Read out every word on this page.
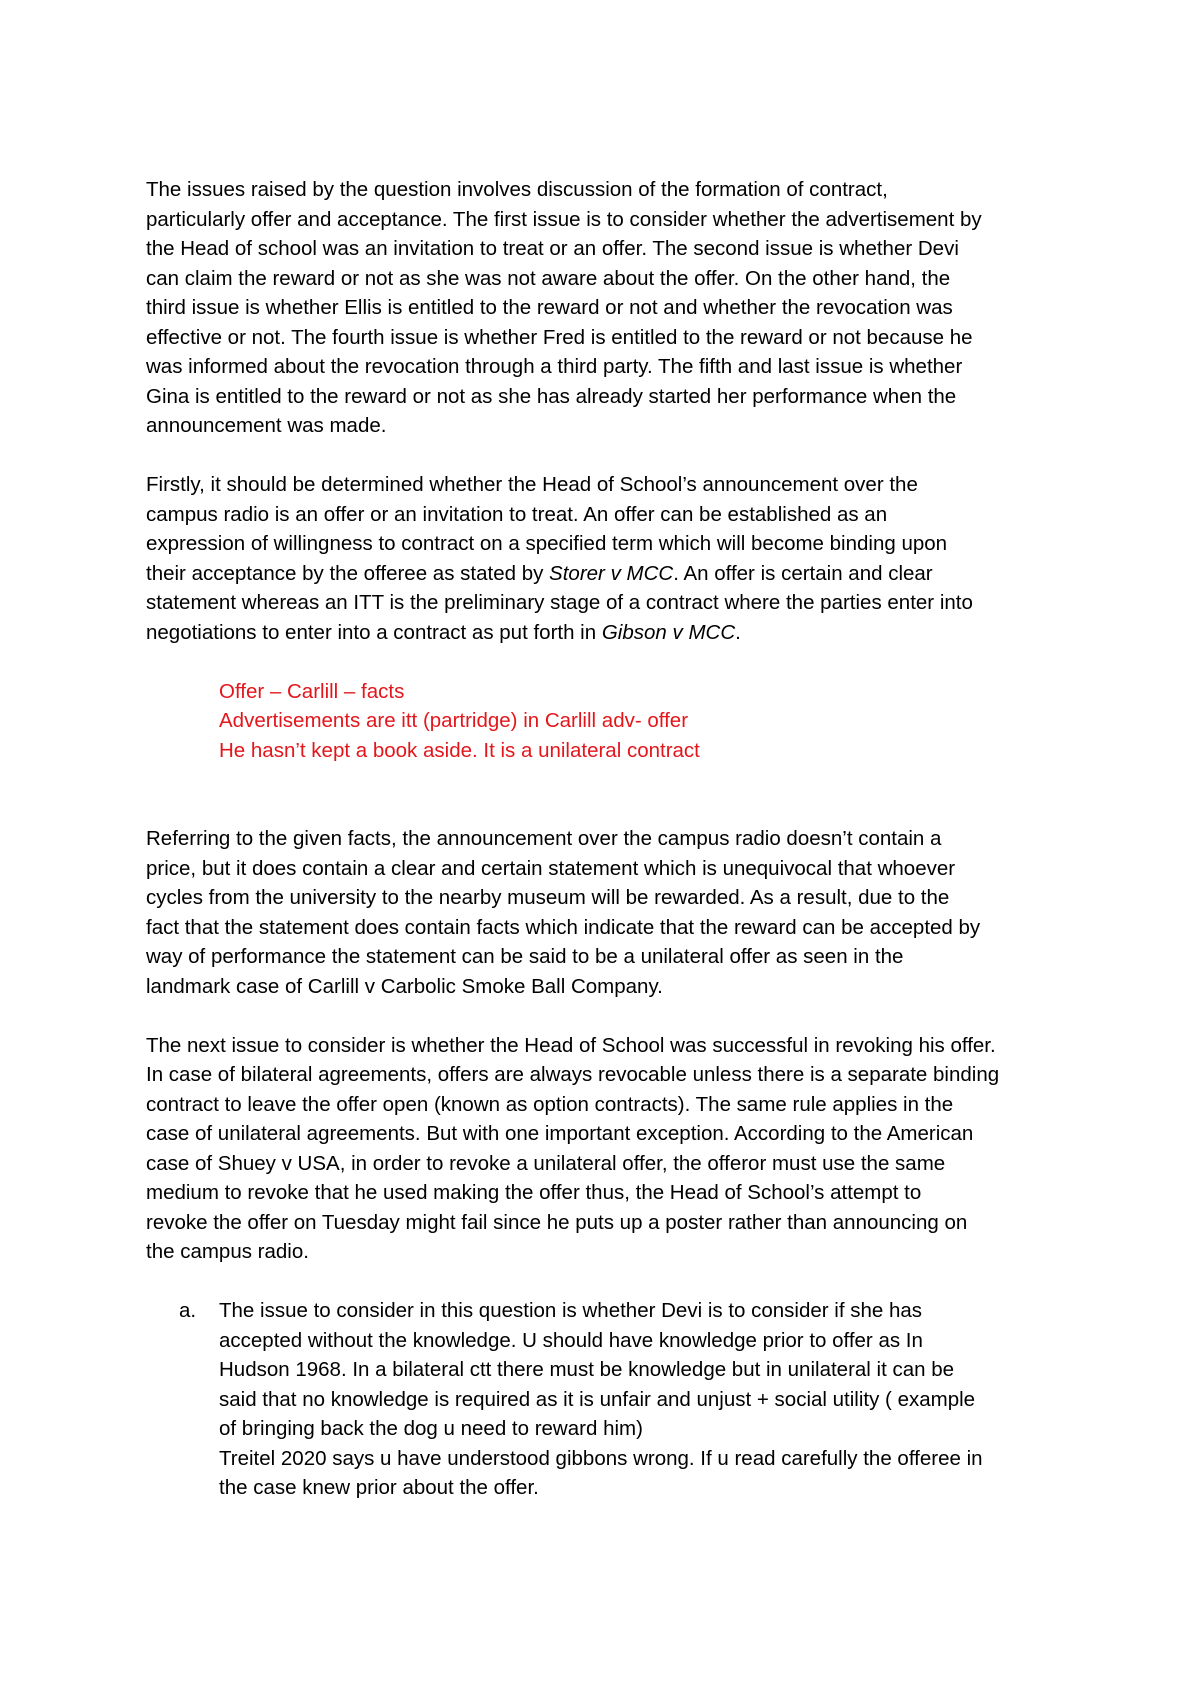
The issues raised by the question involves discussion of the formation of contract,
particularly offer and acceptance. The first issue is to consider whether the advertisement by
the Head of school was an invitation to treat or an offer. The second issue is whether Devi
can claim the reward or not as she was not aware about the offer. On the other hand, the
third issue is whether Ellis is entitled to the reward or not and whether the revocation was
effective or not. The fourth issue is whether Fred is entitled to the reward or not because he
was informed about the revocation through a third party. The fifth and last issue is whether
Gina is entitled to the reward or not as she has already started her performance when the
announcement was made.
Firstly, it should be determined whether the Head of School’s announcement over the
campus radio is an offer or an invitation to treat. An offer can be established as an
expression of willingness to contract on a specified term which will become binding upon
their acceptance by the offeree as stated by Storer v MCC. An offer is certain and clear
statement whereas an ITT is the preliminary stage of a contract where the parties enter into
negotiations to enter into a contract as put forth in Gibson v MCC.
Offer – Carlill – facts
Advertisements are itt (partridge) in Carlill adv- offer
He hasn’t kept a book aside. It is a unilateral contract
Referring to the given facts, the announcement over the campus radio doesn’t contain a
price, but it does contain a clear and certain statement which is unequivocal that whoever
cycles from the university to the nearby museum will be rewarded. As a result, due to the
fact that the statement does contain facts which indicate that the reward can be accepted by
way of performance the statement can be said to be a unilateral offer as seen in the
landmark case of Carlill v Carbolic Smoke Ball Company.
The next issue to consider is whether the Head of School was successful in revoking his offer.
In case of bilateral agreements, offers are always revocable unless there is a separate binding
contract to leave the offer open (known as option contracts). The same rule applies in the
case of unilateral agreements. But with one important exception. According to the American
case of Shuey v USA, in order to revoke a unilateral offer, the offeror must use the same
medium to revoke that he used making the offer thus, the Head of School’s attempt to
revoke the offer on Tuesday might fail since he puts up a poster rather than announcing on
the campus radio.
a. The issue to consider in this question is whether Devi is to consider if she has
accepted without the knowledge. U should have knowledge prior to offer as In
Hudson 1968. In a bilateral ctt there must be knowledge but in unilateral it can be
said that no knowledge is required as it is unfair and unjust + social utility ( example
of bringing back the dog u need to reward him)
Treitel 2020 says u have understood gibbons wrong. If u read carefully the offeree in
the case knew prior about the offer.
